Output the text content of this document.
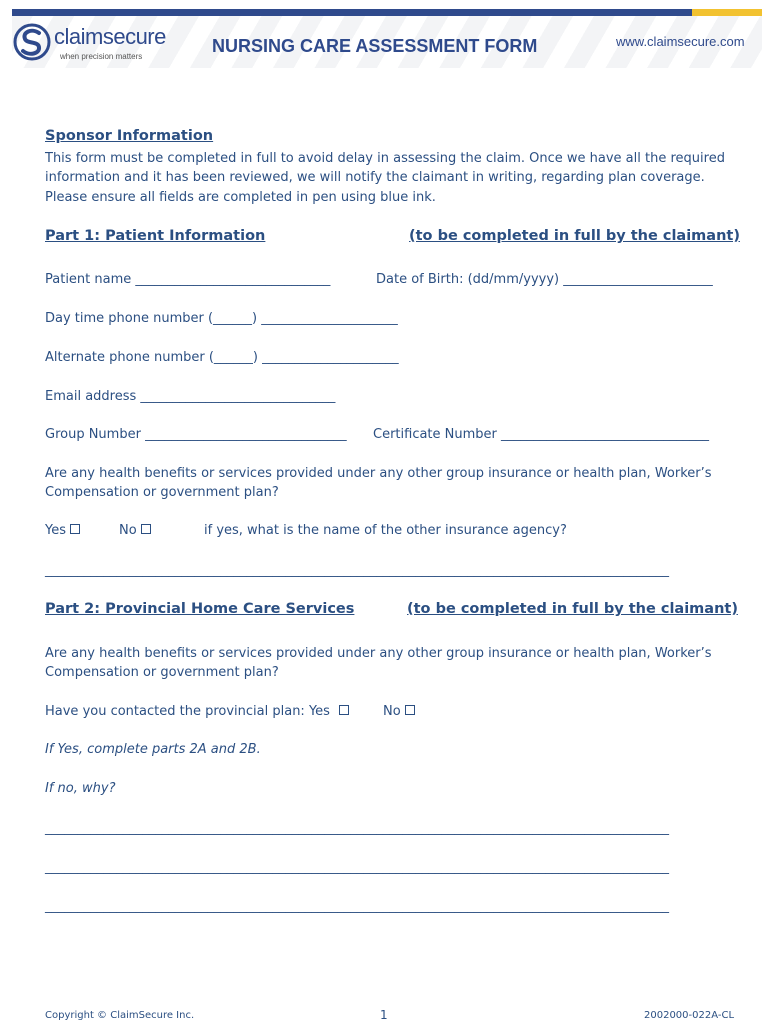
claimsecure
when precision matters
NURSING CARE ASSESSMENT FORM	www.claimsecure.com
Sponsor Information
This form must be completed in full to avoid delay in assessing the claim. Once we have all the required
information and it has been reviewed, we will notify the claimant in writing, regarding plan coverage.
Please ensure all fields are completed in pen using blue ink.
Part 1: Patient Information	(to be completed in full by the claimant)
Patient name ______________________________	Date of Birth: (dd/mm/yyyy) _______________________
Day time phone number (______) _____________________
Alternate phone number (______) _____________________
Email address ______________________________
Group Number _______________________________ Certificate Number ________________________________
Are any health benefits or services provided under any other group insurance or health plan, Worker’s
Compensation or government plan?
Yes	No	if yes, what is the name of the other insurance agency?
________________________________________________________________________________________________
Part 2: Provincial Home Care Services	(to be completed in full by the claimant)
Are any health benefits or services provided under any other group insurance or health plan, Worker’s
Compensation or government plan?
Have you contacted the provincial plan: Yes	No
If Yes, complete parts 2A and 2B.
If no, why?
________________________________________________________________________________________________
________________________________________________________________________________________________
________________________________________________________________________________________________
Copyright © ClaimSecure Inc.	1	2002000-022A-CL
